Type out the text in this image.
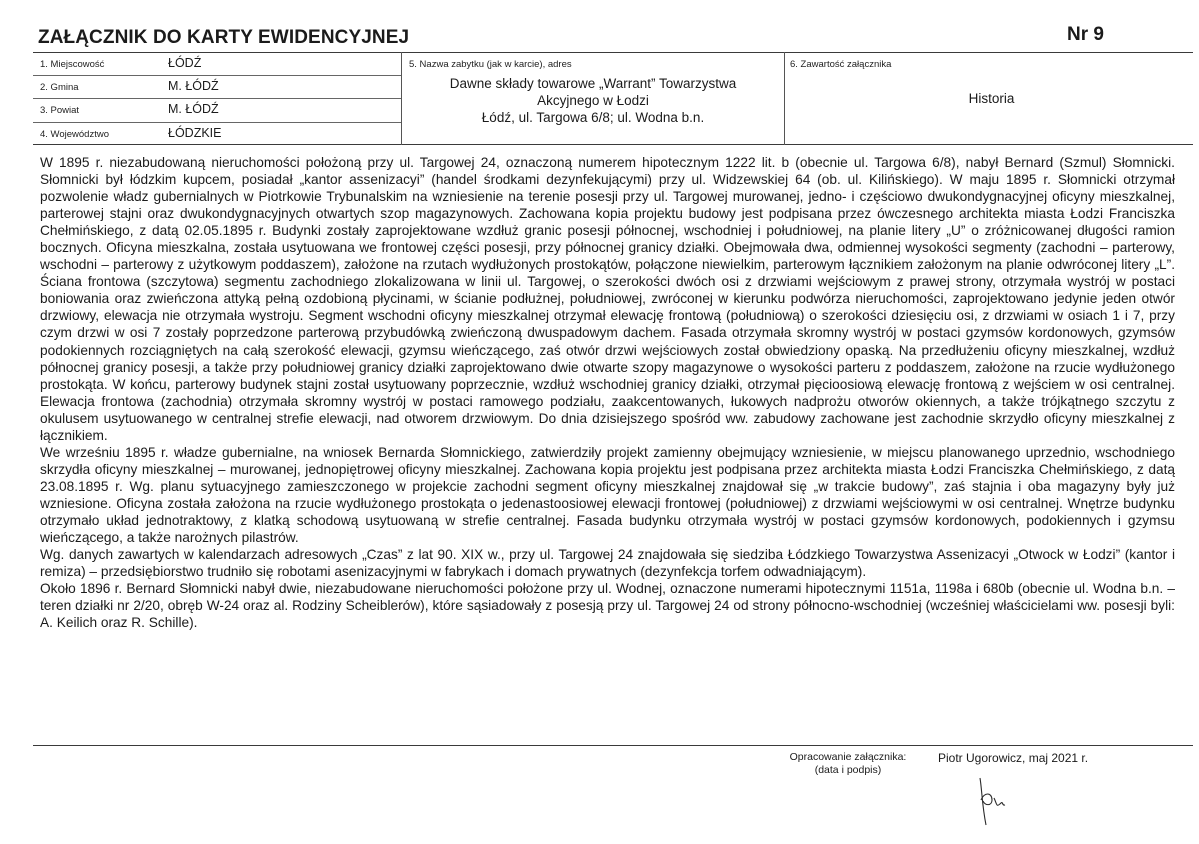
ZAŁĄCZNIK DO KARTY EWIDENCYJNEJ	Nr 9
1. Miejscowość	ŁÓDŹ
2. Gmina	M. ŁÓDŹ
3. Powiat	M. ŁÓDŹ
4. Województwo	ŁÓDZKIE
5. Nazwa zabytku (jak w karcie), adres
Dawne składy towarowe „Warrant” Towarzystwa
Akcyjnego w Łodzi
Łódź, ul. Targowa 6/8; ul. Wodna b.n.
6. Zawartość załącznika
Historia

W 1895 r. niezabudowaną nieruchomości położoną przy ul. Targowej 24, oznaczoną numerem hipotecznym 1222 lit. b (obecnie ul. Targowa 6/8), nabył Bernard (Szmul) Słomnicki. Słomnicki był łódzkim kupcem, posiadał „kantor assenizacyi” (handel środkami dezynfekującymi) przy ul. Widzewskiej 64 (ob. ul. Kilińskiego). W maju 1895 r. Słomnicki otrzymał pozwolenie władz gubernialnych w Piotrkowie Trybunalskim na wzniesienie na terenie posesji przy ul. Targowej murowanej, jedno- i częściowo dwukondygnacyjnej oficyny mieszkalnej, parterowej stajni oraz dwukondygnacyjnych otwartych szop magazynowych. Zachowana kopia projektu budowy jest podpisana przez ówczesnego architekta miasta Łodzi Franciszka Chełmińskiego, z datą 02.05.1895 r. Budynki zostały zaprojektowane wzdłuż granic posesji północnej, wschodniej i południowej, na planie litery „U” o zróżnicowanej długości ramion bocznych. Oficyna mieszkalna, została usytuowana we frontowej części posesji, przy północnej granicy działki. Obejmowała dwa, odmiennej wysokości segmenty (zachodni – parterowy, wschodni – parterowy z użytkowym poddaszem), założone na rzutach wydłużonych prostokątów, połączone niewielkim, parterowym łącznikiem założonym na planie odwróconej litery „L”. Ściana frontowa (szczytowa) segmentu zachodniego zlokalizowana w linii ul. Targowej, o szerokości dwóch osi z drzwiami wejściowym z prawej strony, otrzymała wystrój w postaci boniowania oraz zwieńczona attyką pełną ozdobioną płycinami, w ścianie podłużnej, południowej, zwróconej w kierunku podwórza nieruchomości, zaprojektowano jedynie jeden otwór drzwiowy, elewacja nie otrzymała wystroju. Segment wschodni oficyny mieszkalnej otrzymał elewację frontową (południową) o szerokości dziesięciu osi, z drzwiami w osiach 1 i 7, przy czym drzwi w osi 7 zostały poprzedzone parterową przybudówką zwieńczoną dwuspadowym dachem. Fasada otrzymała skromny wystrój w postaci gzymsów kordonowych, gzymsów podokiennych rozciągniętych na całą szerokość elewacji, gzymsu wieńczącego, zaś otwór drzwi wejściowych został obwiedziony opaską. Na przedłużeniu oficyny mieszkalnej, wzdłuż północnej granicy posesji, a także przy południowej granicy działki zaprojektowano dwie otwarte szopy magazynowe o wysokości parteru z poddaszem, założone na rzucie wydłużonego prostokąta. W końcu, parterowy budynek stajni został usytuowany poprzecznie, wzdłuż wschodniej granicy działki, otrzymał pięcioosiową elewację frontową z wejściem w osi centralnej. Elewacja frontowa (zachodnia) otrzymała skromny wystrój w postaci ramowego podziału, zaakcentowanych, łukowych nadprożu otworów okiennych, a także trójkątnego szczytu z okulusem usytuowanego w centralnej strefie elewacji, nad otworem drzwiowym. Do dnia dzisiejszego spośród ww. zabudowy zachowane jest zachodnie skrzydło oficyny mieszkalnej z łącznikiem.

We wrześniu 1895 r. władze gubernialne, na wniosek Bernarda Słomnickiego, zatwierdziły projekt zamienny obejmujący wzniesienie, w miejscu planowanego uprzednio, wschodniego skrzydła oficyny mieszkalnej – murowanej, jednopiętrowej oficyny mieszkalnej. Zachowana kopia projektu jest podpisana przez architekta miasta Łodzi Franciszka Chełmińskiego, z datą 23.08.1895 r. Wg. planu sytuacyjnego zamieszczonego w projekcie zachodni segment oficyny mieszkalnej znajdował się „w trakcie budowy”, zaś stajnia i oba magazyny były już wzniesione. Oficyna została założona na rzucie wydłużonego prostokąta o jedenastoosiowej elewacji frontowej (południowej) z drzwiami wejściowymi w osi centralnej. Wnętrze budynku otrzymało układ jednotraktowy, z klatką schodową usytuowaną w strefie centralnej. Fasada budynku otrzymała wystrój w postaci gzymsów kordonowych, podokiennych i gzymsu wieńczącego, a także narożnych pilastrów.

Wg. danych zawartych w kalendarzach adresowych „Czas” z lat 90. XIX w., przy ul. Targowej 24 znajdowała się siedziba Łódzkiego Towarzystwa Assenizacyi „Otwock w Łodzi” (kantor i remiza) – przedsiębiorstwo trudniło się robotami asenizacyjnymi w fabrykach i domach prywatnych (dezynfekcja torfem odwadniającym).

Około 1896 r. Bernard Słomnicki nabył dwie, niezabudowane nieruchomości położone przy ul. Wodnej, oznaczone numerami hipotecznymi 1151a, 1198a i 680b (obecnie ul. Wodna b.n. – teren działki nr 2/20, obręb W-24 oraz al. Rodziny Scheiblerów), które sąsiadowały z posesją przy ul. Targowej 24 od strony północno-wschodniej (wcześniej właścicielami ww. posesji byli: A. Keilich oraz R. Schille).

Opracowanie załącznika:
(data i podpis)
Piotr Ugorowicz, maj 2021 r.
